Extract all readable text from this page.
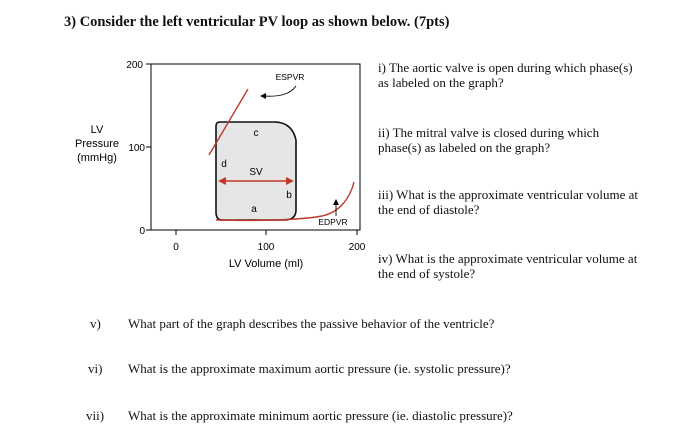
3) Consider the left ventricular PV loop as shown below. (7pts)
200
100
0
0	100	200
LV Volume (ml)
LV
Pressure
(mmHg)
ESPVR
EDPVR
SV
c
d
b
a
i) The aortic valve is open during which phase(s) as labeled on the graph?
ii) The mitral valve is closed during which phase(s) as labeled on the graph?
iii) What is the approximate ventricular volume at the end of diastole?
iv) What is the approximate ventricular volume at the end of systole?
v) What part of the graph describes the passive behavior of the ventricle?
vi) What is the approximate maximum aortic pressure (ie. systolic pressure)?
vii) What is the approximate minimum aortic pressure (ie. diastolic pressure)?
